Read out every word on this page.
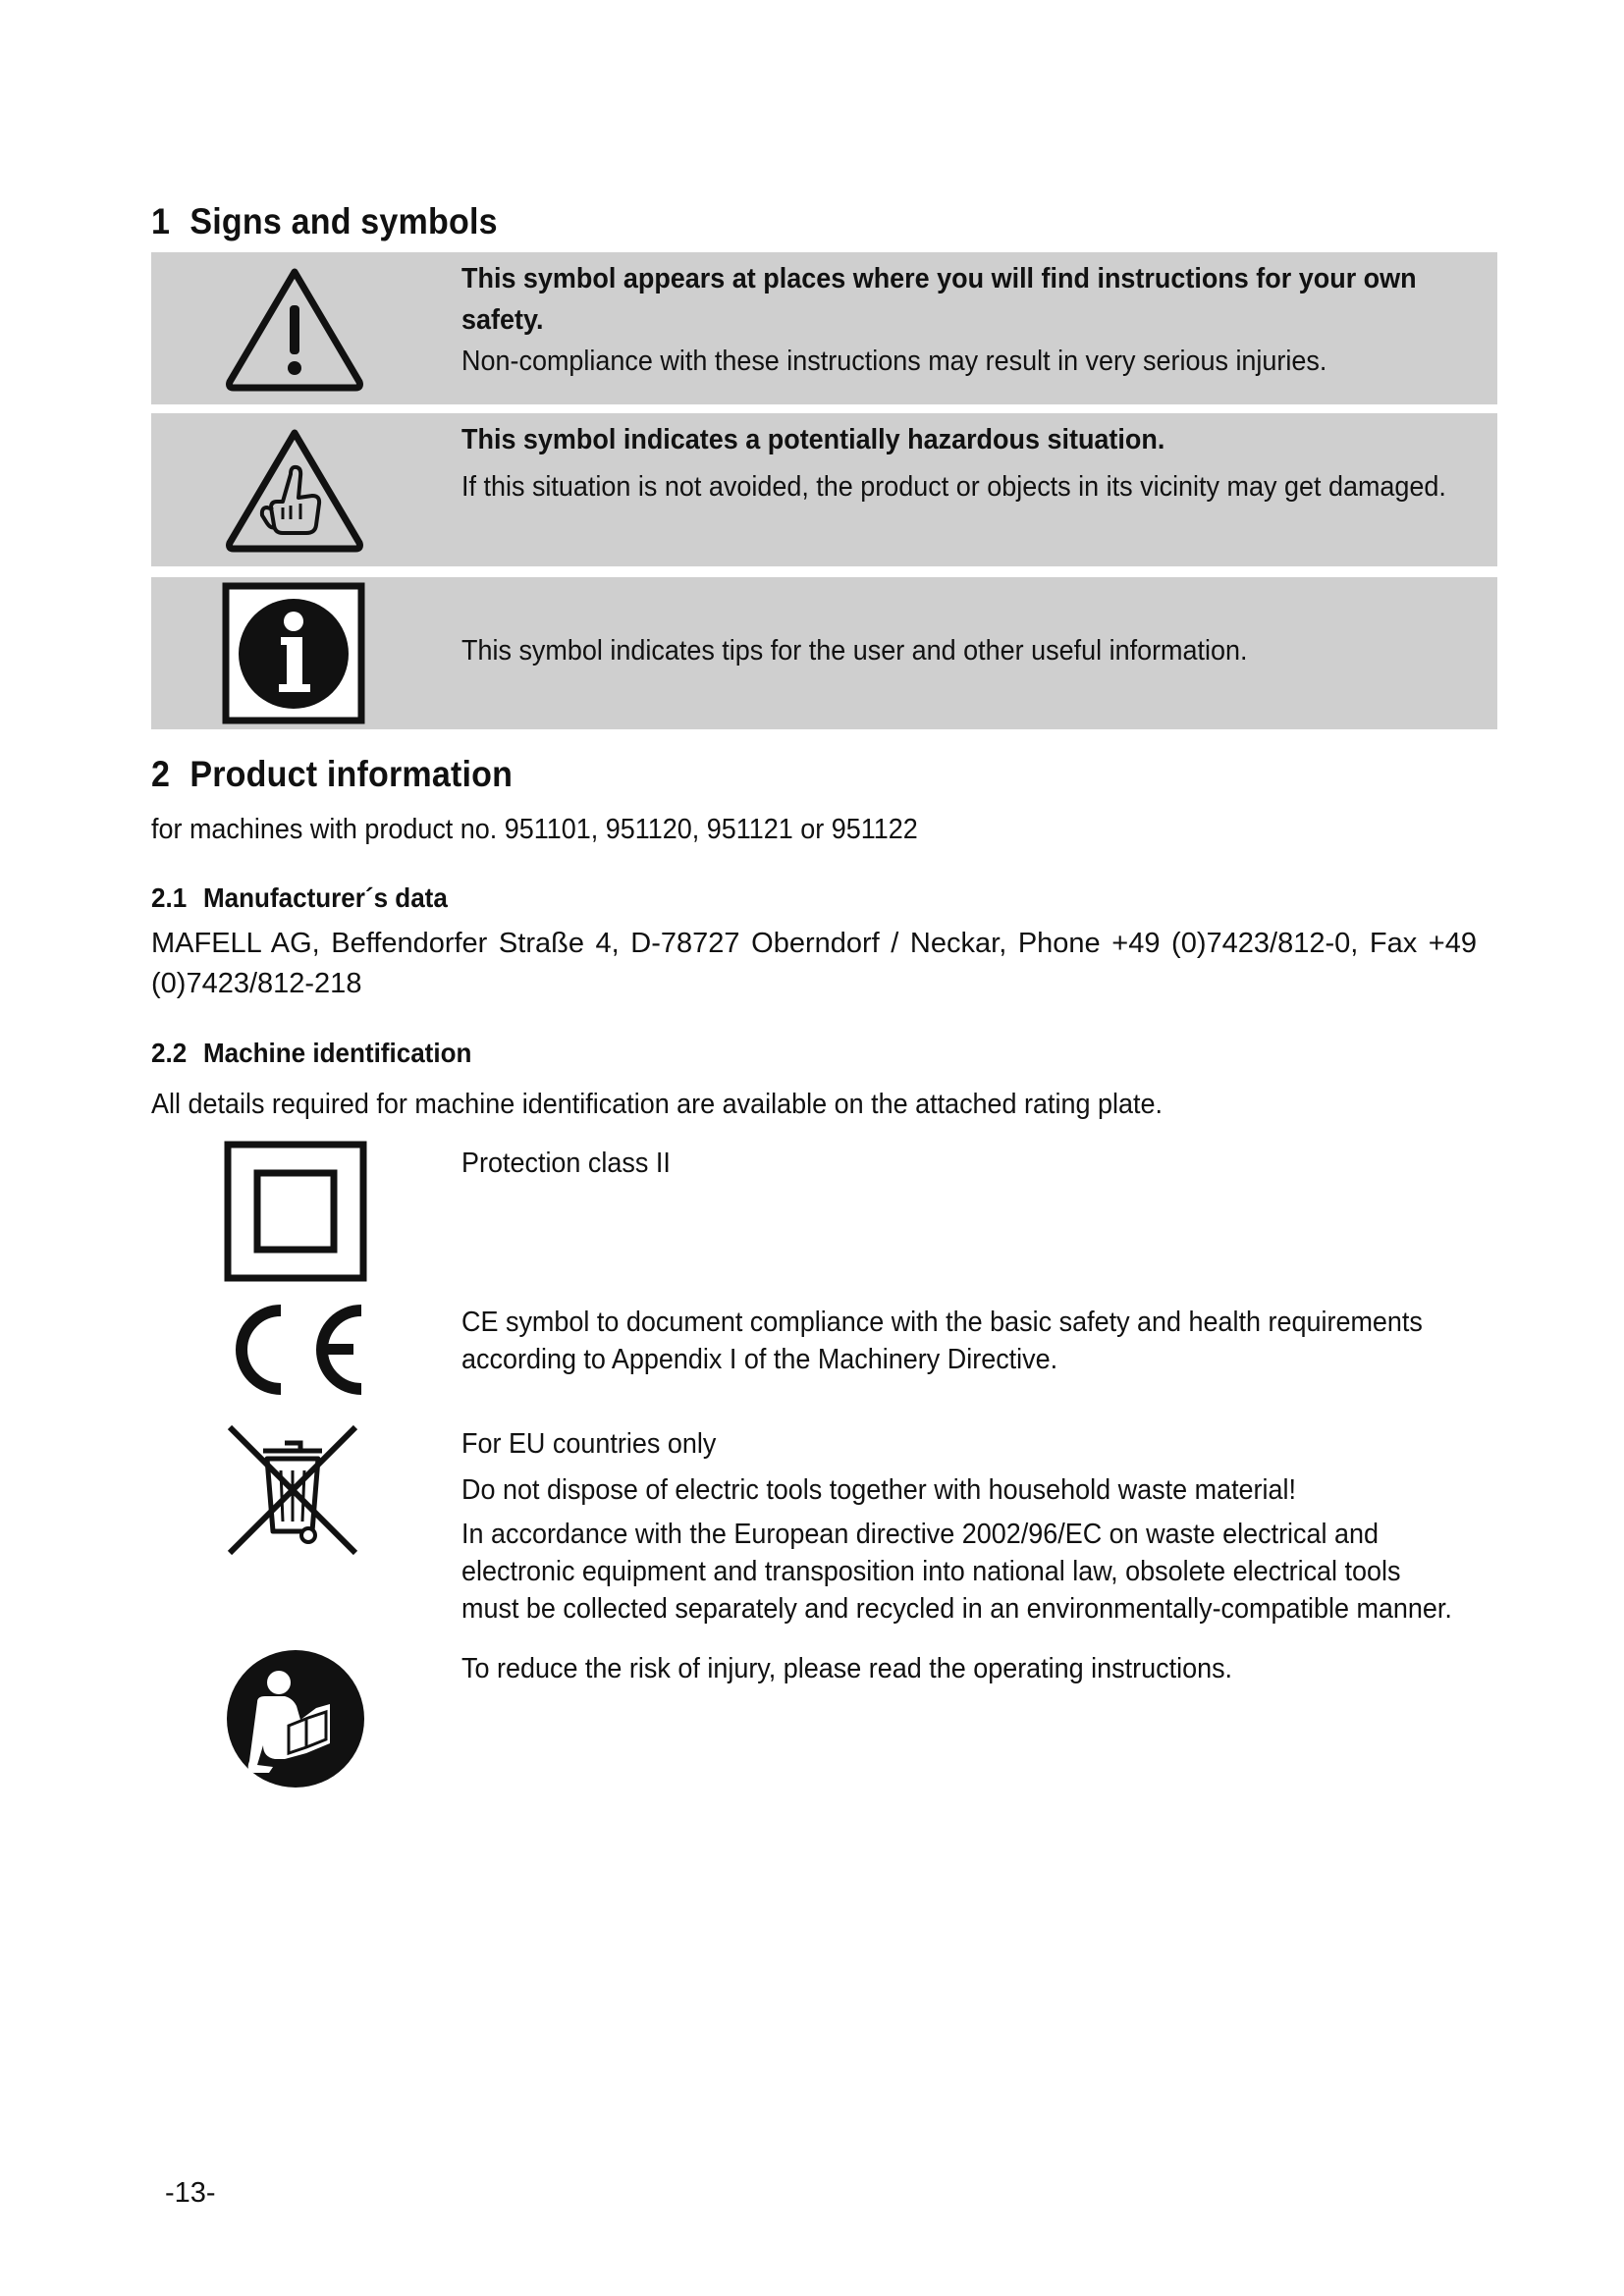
1 Signs and symbols
This symbol appears at places where you will find instructions for your own
safety.
Non-compliance with these instructions may result in very serious injuries.
This symbol indicates a potentially hazardous situation.
If this situation is not avoided, the product or objects in its vicinity may get damaged.
This symbol indicates tips for the user and other useful information.
2 Product information
for machines with product no. 951101, 951120, 951121 or 951122
2.1 Manufacturer´s data
MAFELL AG, Beffendorfer Straße 4, D-78727 Oberndorf / Neckar, Phone +49 (0)7423/812-0, Fax +49
(0)7423/812-218
2.2 Machine identification
All details required for machine identification are available on the attached rating plate.

Protection class II

CE symbol to document compliance with the basic safety and health requirements

according to Appendix I of the Machinery Directive.

For EU countries only

Do not dispose of electric tools together with household waste material!

In accordance with the European directive 2002/96/EC on waste electrical and

electronic equipment and transposition into national law, obsolete electrical tools

must be collected separately and recycled in an environmentally-compatible manner.

To reduce the risk of injury, please read the operating instructions.

-13-
